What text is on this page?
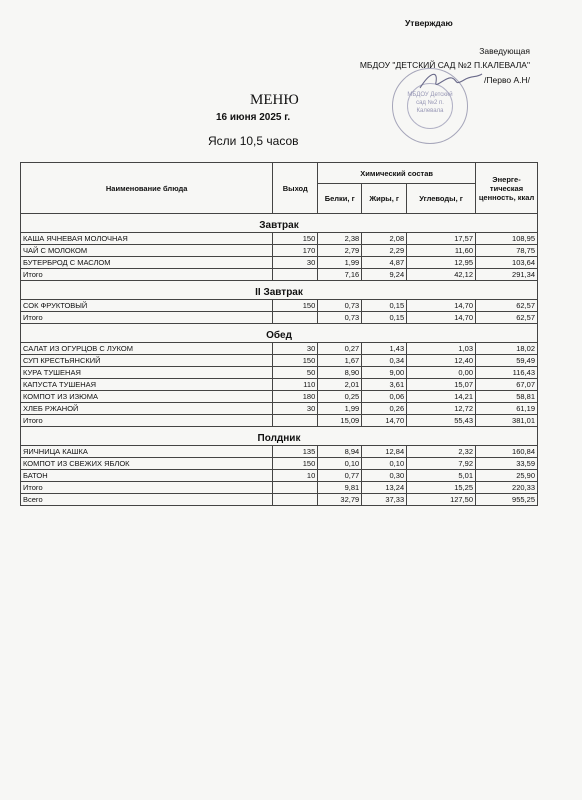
Утверждаю
Заведующая
МБДОУ "ДЕТСКИЙ САД №2 П.КАЛЕВАЛА"
/Перво А.Н/
МБДОУ Детский сад №2 п. Калевала
МЕНЮ
16 июня 2025 г.
Ясли 10,5 часов
Наименование блюда	Выход	Химический состав			Энерге-тическая ценность, ккал
		Белки, г	Жиры, г	Углеводы, г	
Завтрак					
КАША ЯЧНЕВАЯ МОЛОЧНАЯ	150	2,38	2,08	17,57	108,95
ЧАЙ С МОЛОКОМ	170	2,79	2,29	11,60	78,75
БУТЕРБРОД С МАСЛОМ	30	1,99	4,87	12,95	103,64
Итого		7,16	9,24	42,12	291,34
II Завтрак					
СОК ФРУКТОВЫЙ	150	0,73	0,15	14,70	62,57
Итого		0,73	0,15	14,70	62,57
Обед					
САЛАТ ИЗ ОГУРЦОВ С ЛУКОМ	30	0,27	1,43	1,03	18,02
СУП КРЕСТЬЯНСКИЙ	150	1,67	0,34	12,40	59,49
КУРА ТУШЕНАЯ	50	8,90	9,00	0,00	116,43
КАПУСТА ТУШЕНАЯ	110	2,01	3,61	15,07	67,07
КОМПОТ ИЗ ИЗЮМА	180	0,25	0,06	14,21	58,81
ХЛЕБ РЖАНОЙ	30	1,99	0,26	12,72	61,19
Итого		15,09	14,70	55,43	381,01
Полдник					
ЯИЧНИЦА КАШКА	135	8,94	12,84	2,32	160,84
КОМПОТ ИЗ СВЕЖИХ ЯБЛОК	150	0,10	0,10	7,92	33,59
БАТОН	10	0,77	0,30	5,01	25,90
Итого		9,81	13,24	15,25	220,33
Всего		32,79	37,33	127,50	955,25
